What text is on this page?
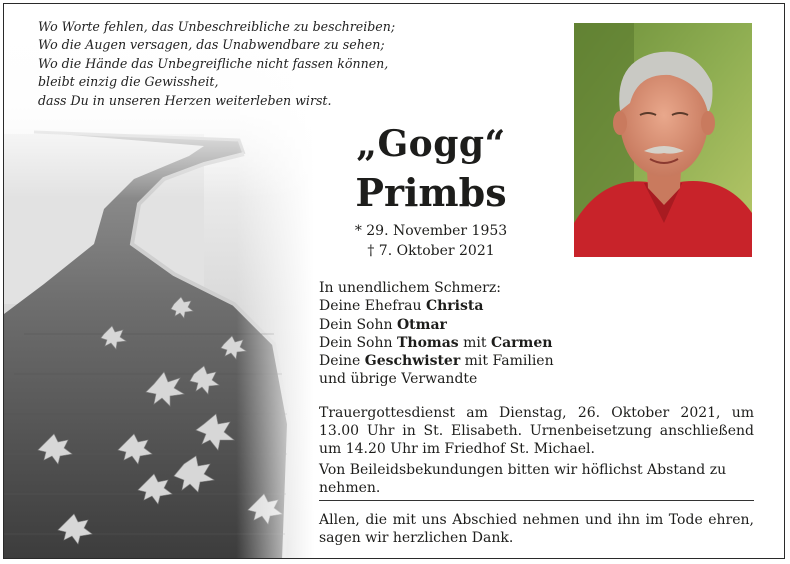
Wo Worte fehlen, das Unbeschreibliche zu beschreiben;
Wo die Augen versagen, das Unabwendbare zu sehen;
Wo die Hände das Unbegreifliche nicht fassen können,
bleibt einzig die Gewissheit,
dass Du in unseren Herzen weiterleben wirst.
„Gogg“
Primbs
* 29. November 1953
† 7. Oktober 2021
In unendlichem Schmerz:
Deine Ehefrau Christa
Dein Sohn Otmar
Dein Sohn Thomas mit Carmen
Deine Geschwister mit Familien
und übrige Verwandte
Trauergottesdienst am Dienstag, 26. Oktober 2021, um 13.00 Uhr in St. Elisabeth. Urnenbeisetzung anschließend um 14.20 Uhr im Friedhof St. Michael.
Von Beileidsbekundungen bitten wir höflichst Abstand zu nehmen.
Allen, die mit uns Abschied nehmen und ihn im Tode ehren, sagen wir herzlichen Dank.
